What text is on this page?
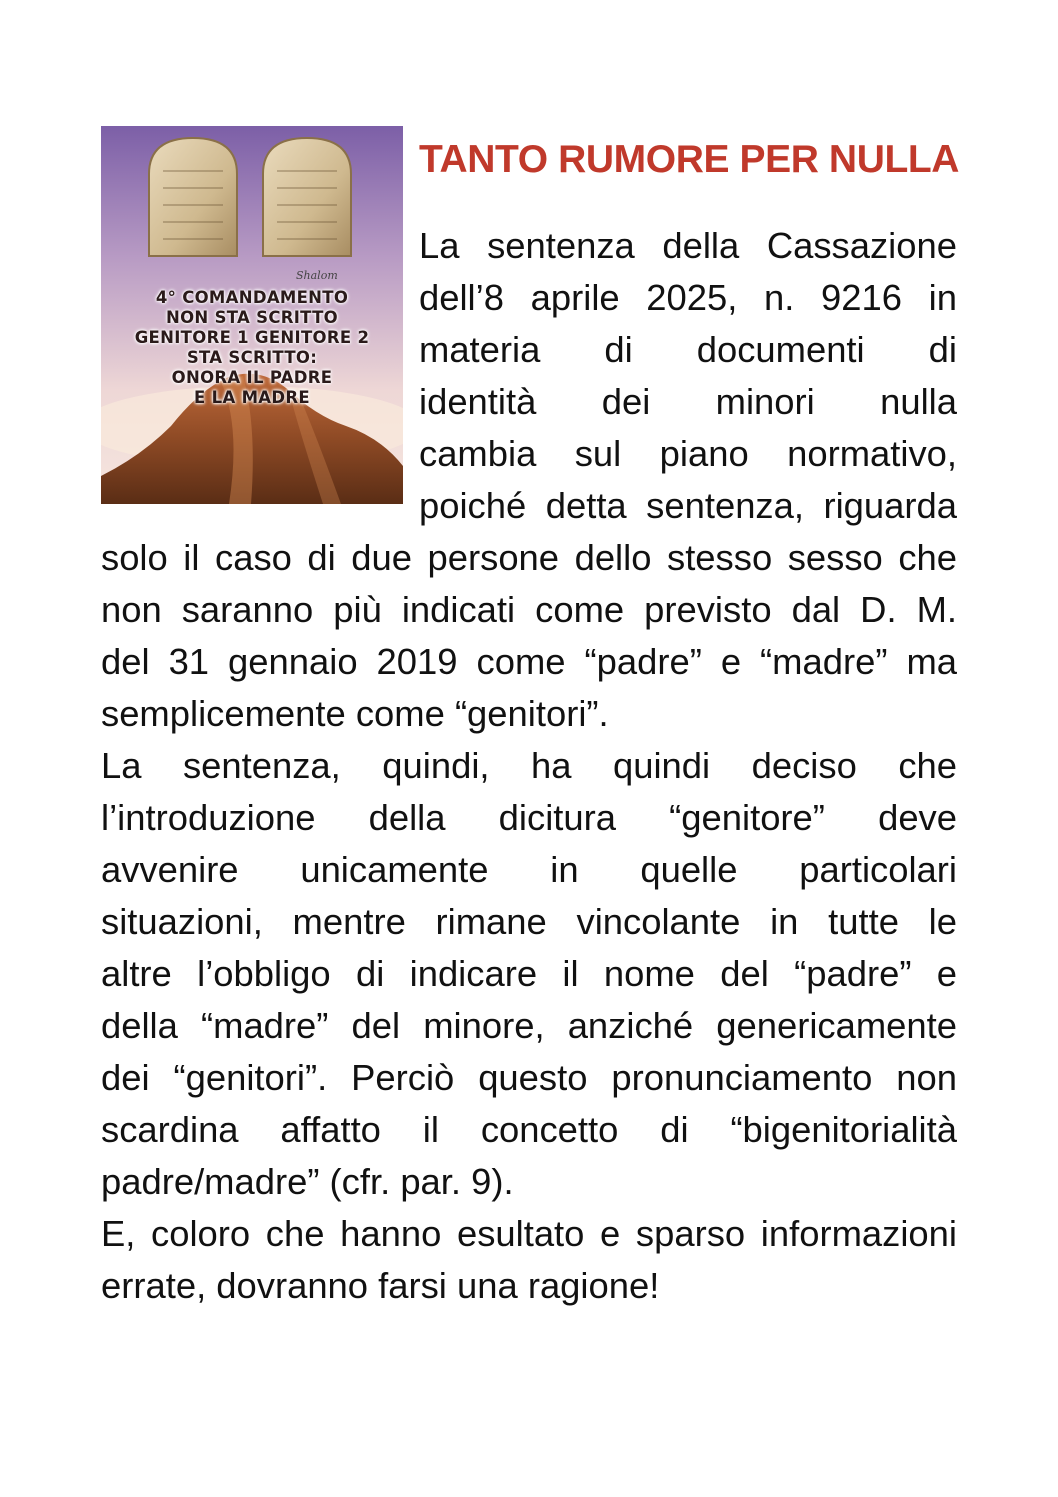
Shalom
4° COMANDAMENTO
NON STA SCRITTO
GENITORE 1 GENITORE 2
STA SCRITTO:
ONORA IL PADRE
E LA MADRE
TANTO RUMORE PER NULLA
La sentenza della Cassazione
dell’8 aprile 2025, n. 9216 in
materia di documenti di
identità dei minori nulla
cambia sul piano normativo,
poiché detta sentenza, riguarda
solo il caso di due persone dello stesso sesso che
non saranno più indicati come previsto dal D. M.
del 31 gennaio 2019 come “padre” e “madre” ma
semplicemente come “genitori”.
La sentenza, quindi, ha quindi deciso che
l’introduzione della dicitura “genitore” deve
avvenire unicamente in quelle particolari
situazioni, mentre rimane vincolante in tutte le
altre l’obbligo di indicare il nome del “padre” e
della “madre” del minore, anziché genericamente
dei “genitori”. Perciò questo pronunciamento non
scardina affatto il concetto di “bigenitorialità
padre/madre” (cfr. par. 9).
E, coloro che hanno esultato e sparso informazioni
errate, dovranno farsi una ragione!
